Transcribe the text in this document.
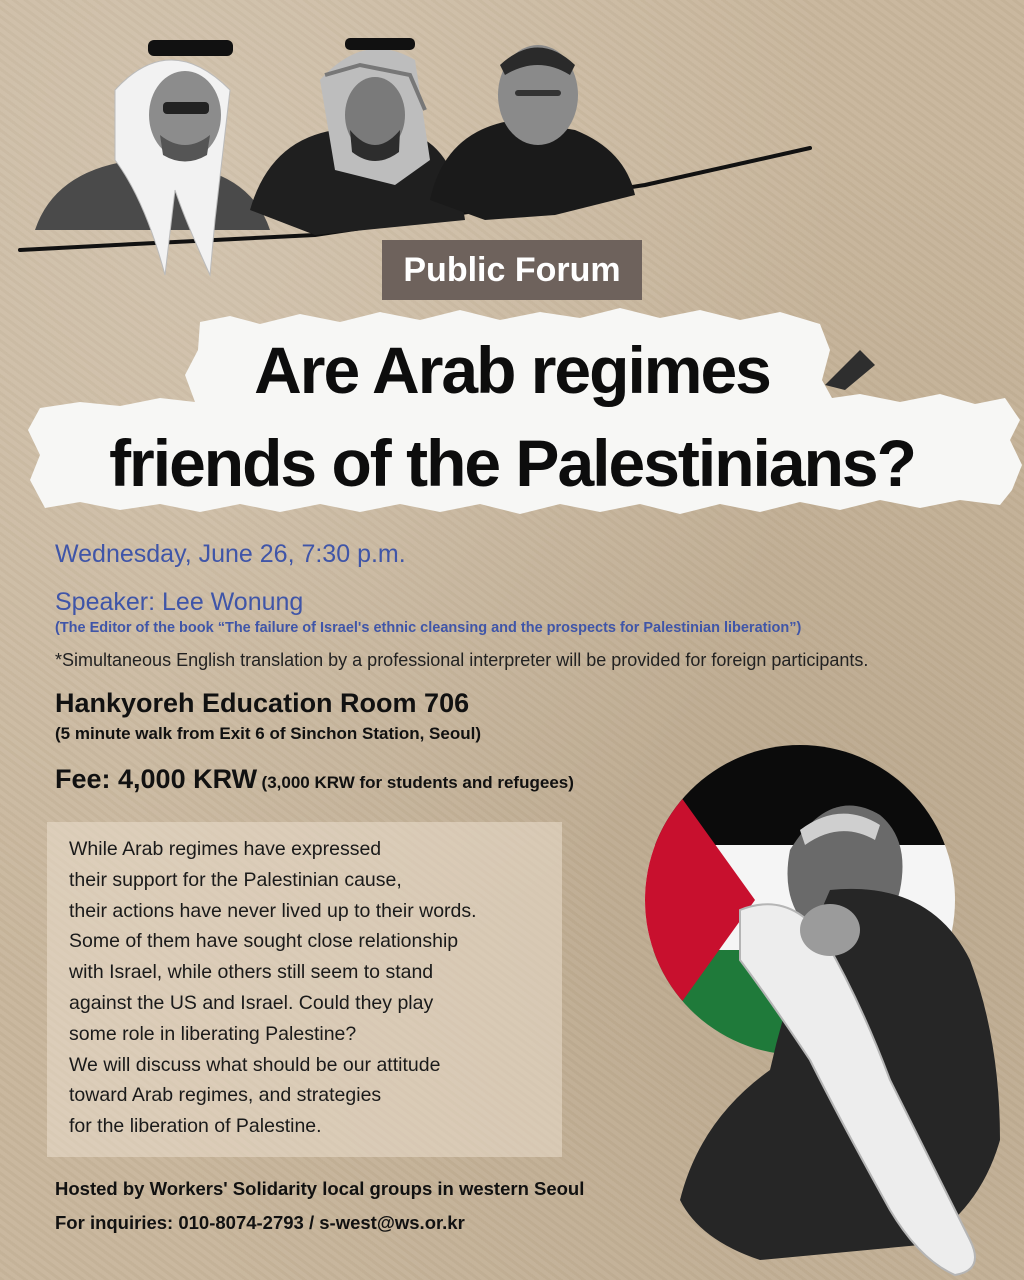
Public Forum
Are Arab regimes
friends of the Palestinians?
Wednesday, June 26, 7:30 p.m.
Speaker: Lee Wonung
(The Editor of the book “The failure of Israel's ethnic cleansing and the prospects for Palestinian liberation”)
*Simultaneous English translation by a professional interpreter will be provided for foreign participants.
Hankyoreh Education Room 706
(5 minute walk from Exit 6 of Sinchon Station, Seoul)
Fee: 4,000 KRW (3,000 KRW for students and refugees)
While Arab regimes have expressed
their support for the Palestinian cause,
their actions have never lived up to their words.
Some of them have sought close relationship
with Israel, while others still seem to stand
against the US and Israel. Could they play
some role in liberating Palestine?
We will discuss what should be our attitude
toward Arab regimes, and strategies
for the liberation of Palestine.
Hosted by Workers' Solidarity local groups in western Seoul
For inquiries: 010-8074-2793 / s-west@ws.or.kr
